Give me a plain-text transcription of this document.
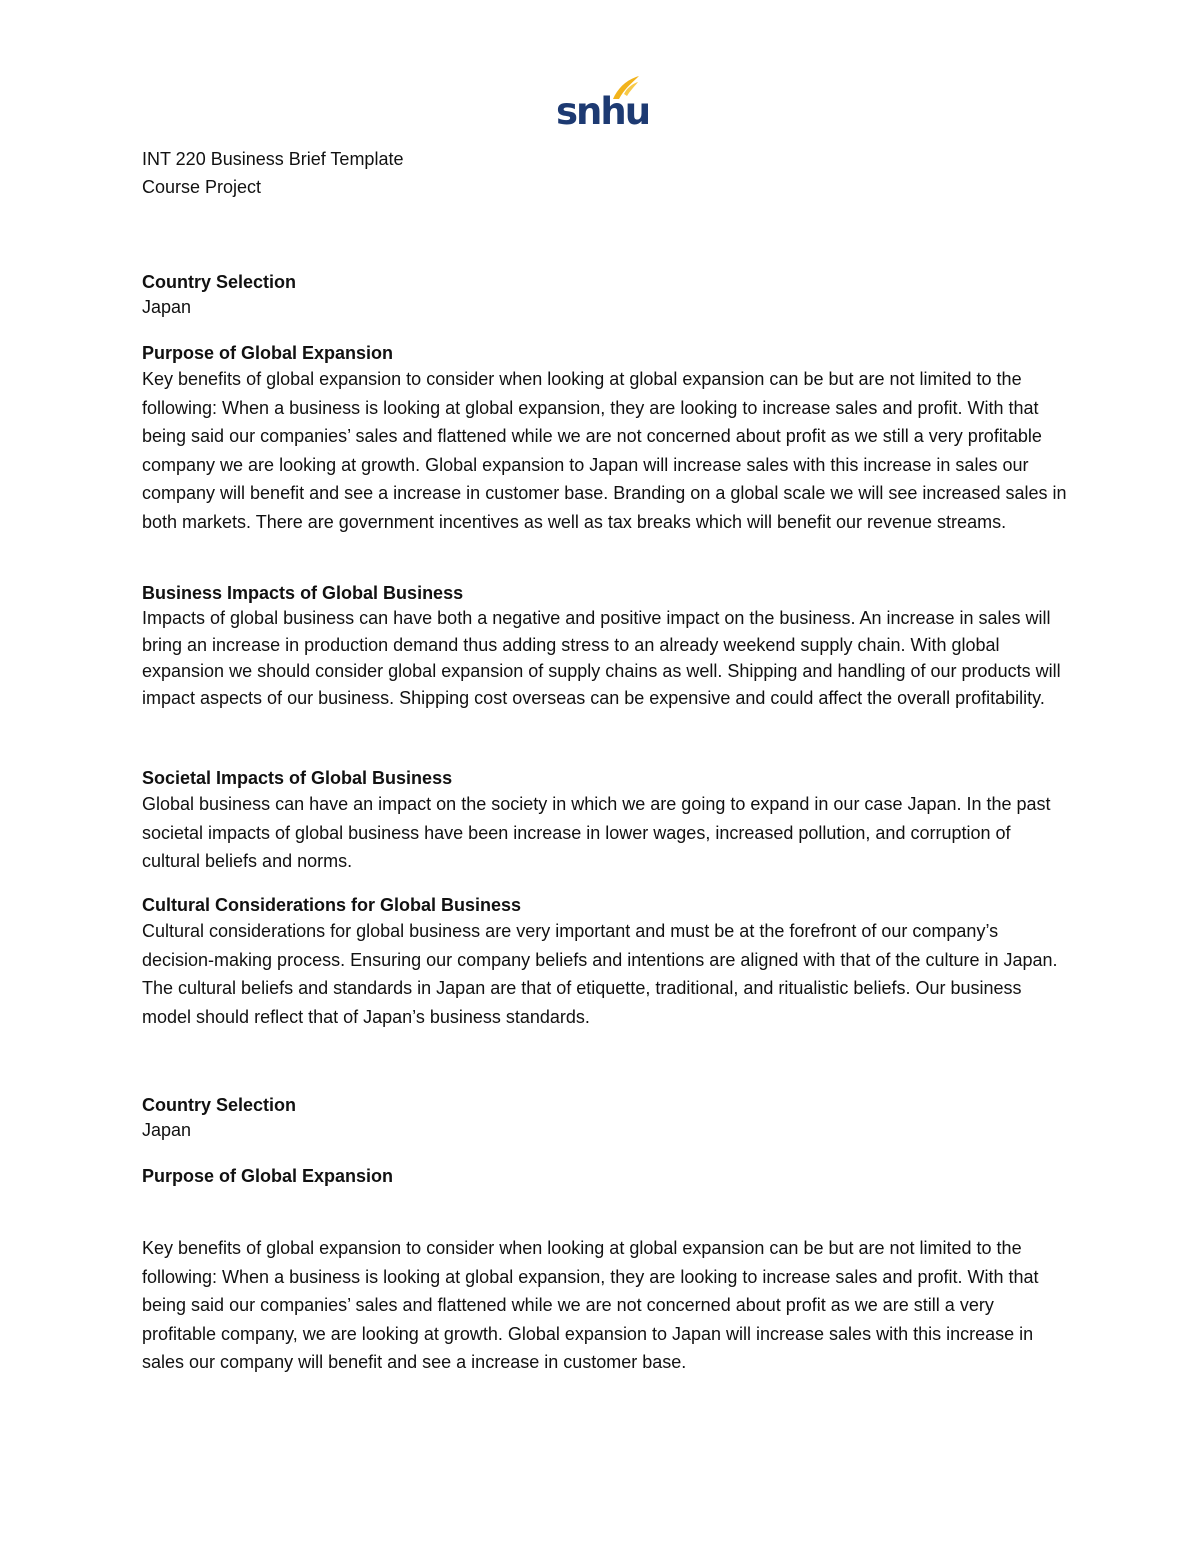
snhu

INT 220 Business Brief Template

Course Project

Country Selection

Japan

Purpose of Global Expansion

Key benefits of global expansion to consider when looking at global expansion can be but are not limited to the following: When a business is looking at global expansion, they are looking to increase sales and profit. With that being said our companies’ sales and flattened while we are not concerned about profit as we still a very profitable company we are looking at growth. Global expansion to Japan will increase sales with this increase in sales our company will benefit and see a increase in customer base. Branding on a global scale we will see increased sales in both markets. There are government incentives as well as tax breaks which will benefit our revenue streams.

Business Impacts of Global Business

Impacts of global business can have both a negative and positive impact on the business. An increase in sales will bring an increase in production demand thus adding stress to an already weekend supply chain. With global expansion we should consider global expansion of supply chains as well. Shipping and handling of our products will impact aspects of our business. Shipping cost overseas can be expensive and could affect the overall profitability.

Societal Impacts of Global Business

Global business can have an impact on the society in which we are going to expand in our case Japan. In the past societal impacts of global business have been increase in lower wages, increased pollution, and corruption of cultural beliefs and norms.

Cultural Considerations for Global Business

Cultural considerations for global business are very important and must be at the forefront of our company’s decision-making process. Ensuring our company beliefs and intentions are aligned with that of the culture in Japan. The cultural beliefs and standards in Japan are that of etiquette, traditional, and ritualistic beliefs. Our business model should reflect that of Japan’s business standards.

Country Selection

Japan

Purpose of Global Expansion

Key benefits of global expansion to consider when looking at global expansion can be but are not limited to the following: When a business is looking at global expansion, they are looking to increase sales and profit. With that being said our companies’ sales and flattened while we are not concerned about profit as we are still a very profitable company, we are looking at growth. Global expansion to Japan will increase sales with this increase in sales our company will benefit and see a increase in customer base.
